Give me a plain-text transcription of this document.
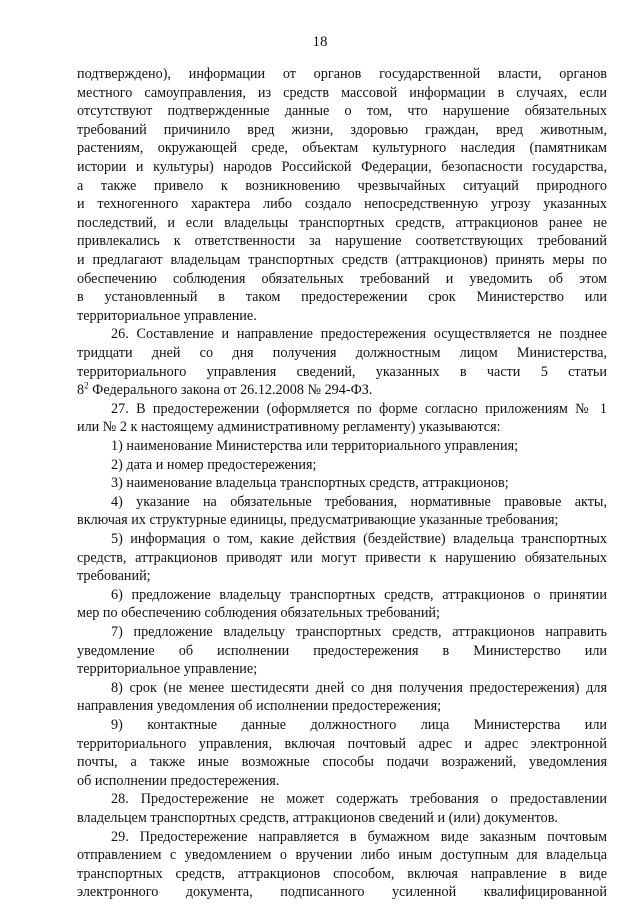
18
подтверждено), информации от органов государственной власти, органов
местного самоуправления, из средств массовой информации в случаях, если
отсутствуют подтвержденные данные о том, что нарушение обязательных
требований причинило вред жизни, здоровью граждан, вред животным,
растениям, окружающей среде, объектам культурного наследия (памятникам
истории и культуры) народов Российской Федерации, безопасности государства,
а также привело к возникновению чрезвычайных ситуаций природного
и техногенного характера либо создало непосредственную угрозу указанных
последствий, и если владельцы транспортных средств, аттракционов ранее не
привлекались к ответственности за нарушение соответствующих требований
и предлагают владельцам транспортных средств (аттракционов) принять меры по
обеспечению соблюдения обязательных требований и уведомить об этом
в установленный в таком предостережении срок Министерство или
территориальное управление.
26. Составление и направление предостережения осуществляется не позднее
тридцати дней со дня получения должностным лицом Министерства,
территориального управления сведений, указанных в части 5 статьи
$8^2$ Федерального закона от 26.12.2008 № 294-ФЗ.
27. В предостережении (оформляется по форме согласно приложениям № 1
или № 2 к настоящему административному регламенту) указываются:
1) наименование Министерства или территориального управления;
2) дата и номер предостережения;
3) наименование владельца транспортных средств, аттракционов;
4) указание на обязательные требования, нормативные правовые акты,
включая их структурные единицы, предусматривающие указанные требования;
5) информация о том, какие действия (бездействие) владельца транспортных
средств, аттракционов приводят или могут привести к нарушению обязательных
требований;
6) предложение владельцу транспортных средств, аттракционов о принятии
мер по обеспечению соблюдения обязательных требований;
7) предложение владельцу транспортных средств, аттракционов направить
уведомление об исполнении предостережения в Министерство или
территориальное управление;
8) срок (не менее шестидесяти дней со дня получения предостережения) для
направления уведомления об исполнении предостережения;
9) контактные данные должностного лица Министерства или
территориального управления, включая почтовый адрес и адрес электронной
почты, а также иные возможные способы подачи возражений, уведомления
об исполнении предостережения.
28. Предостережение не может содержать требования о предоставлении
владельцем транспортных средств, аттракционов сведений и (или) документов.
29. Предостережение направляется в бумажном виде заказным почтовым
отправлением с уведомлением о вручении либо иным доступным для владельца
транспортных средств, аттракционов способом, включая направление в виде
электронного документа, подписанного усиленной квалифицированной
